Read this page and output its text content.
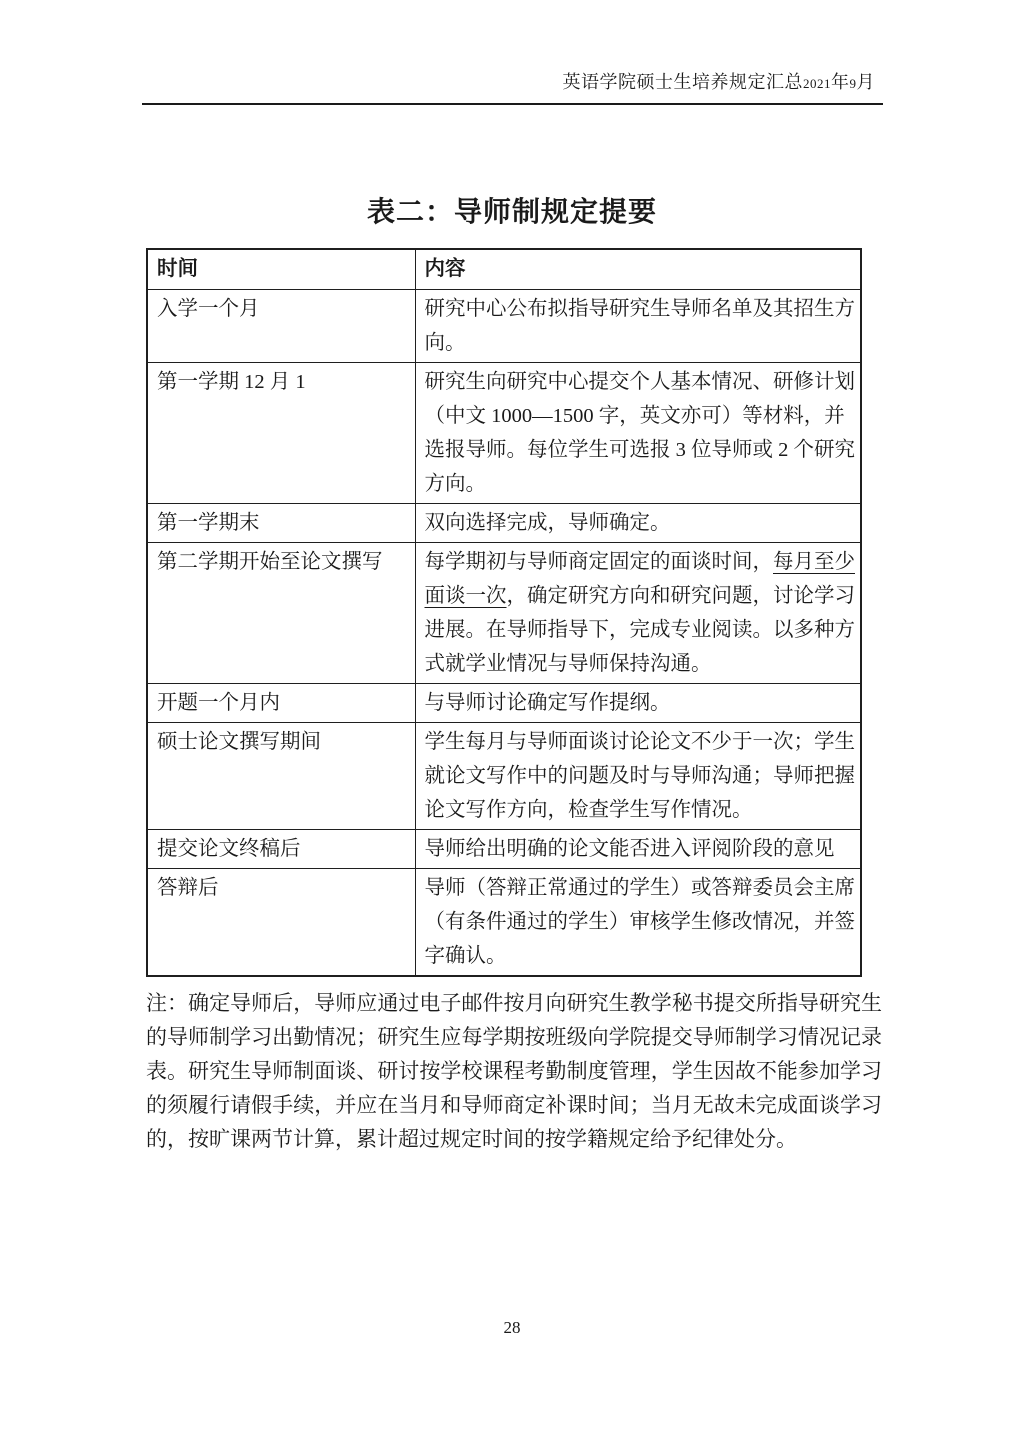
英语学院硕士生培养规定汇总2021年9月
表二：导师制规定提要
时间	内容
入学一个月	研究中心公布拟指导研究生导师名单及其招生方向。
第一学期 12 月 1	研究生向研究中心提交个人基本情况、研修计划（中文 1000—1500 字，英文亦可）等材料，并选报导师。每位学生可选报 3 位导师或 2 个研究方向。
第一学期末	双向选择完成，导师确定。
第二学期开始至论文撰写	每学期初与导师商定固定的面谈时间，每月至少面谈一次，确定研究方向和研究问题，讨论学习进展。在导师指导下，完成专业阅读。以多种方式就学业情况与导师保持沟通。
开题一个月内	与导师讨论确定写作提纲。
硕士论文撰写期间	学生每月与导师面谈讨论论文不少于一次；学生就论文写作中的问题及时与导师沟通；导师把握论文写作方向，检查学生写作情况。
提交论文终稿后	导师给出明确的论文能否进入评阅阶段的意见
答辩后	导师（答辩正常通过的学生）或答辩委员会主席（有条件通过的学生）审核学生修改情况，并签字确认。

注：确定导师后，导师应通过电子邮件按月向研究生教学秘书提交所指导研究生的导师制学习出勤情况；研究生应每学期按班级向学院提交导师制学习情况记录表。研究生导师制面谈、研讨按学校课程考勤制度管理，学生因故不能参加学习的须履行请假手续，并应在当月和导师商定补课时间；当月无故未完成面谈学习的，按旷课两节计算，累计超过规定时间的按学籍规定给予纪律处分。

28
